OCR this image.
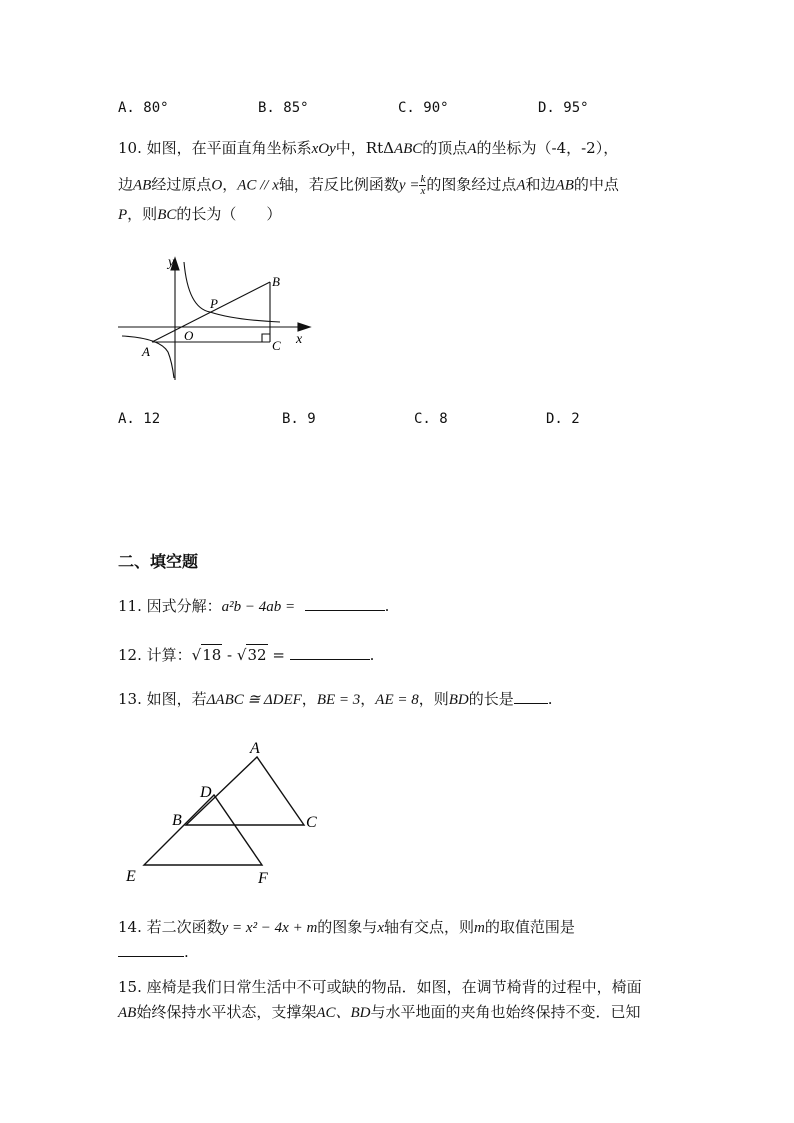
A. 80°	B. 85°	C. 90°	D. 95°
10. 如图，在平面直角坐标系xOy中，RtΔABC的顶点A的坐标为（-4，-2），
边AB经过原点O，AC // x轴，若反比例函数$y = \frac{k}{x}$ 的图象经过点A和边AB的中点
P，则BC的长为（　　）
y
x
B
P
O
A	C
A. 12	B. 9	C. 8	D. 2
二、填空题
11. 因式分解：a²b − 4ab =	.
12. 计算：√18 - √32 =	.
13. 如图，若ΔABC ≅ ΔDEF，BE = 3，AE = 8，则BD的长是 .
A
D
B	C
E	F
14. 若二次函数y = x² − 4x + m的图象与x轴有交点，则m的取值范围是
.
15. 座椅是我们日常生活中不可或缺的物品．如图，在调节椅背的过程中，椅面
AB始终保持水平状态，支撑架AC、BD与水平地面的夹角也始终保持不变．已知
